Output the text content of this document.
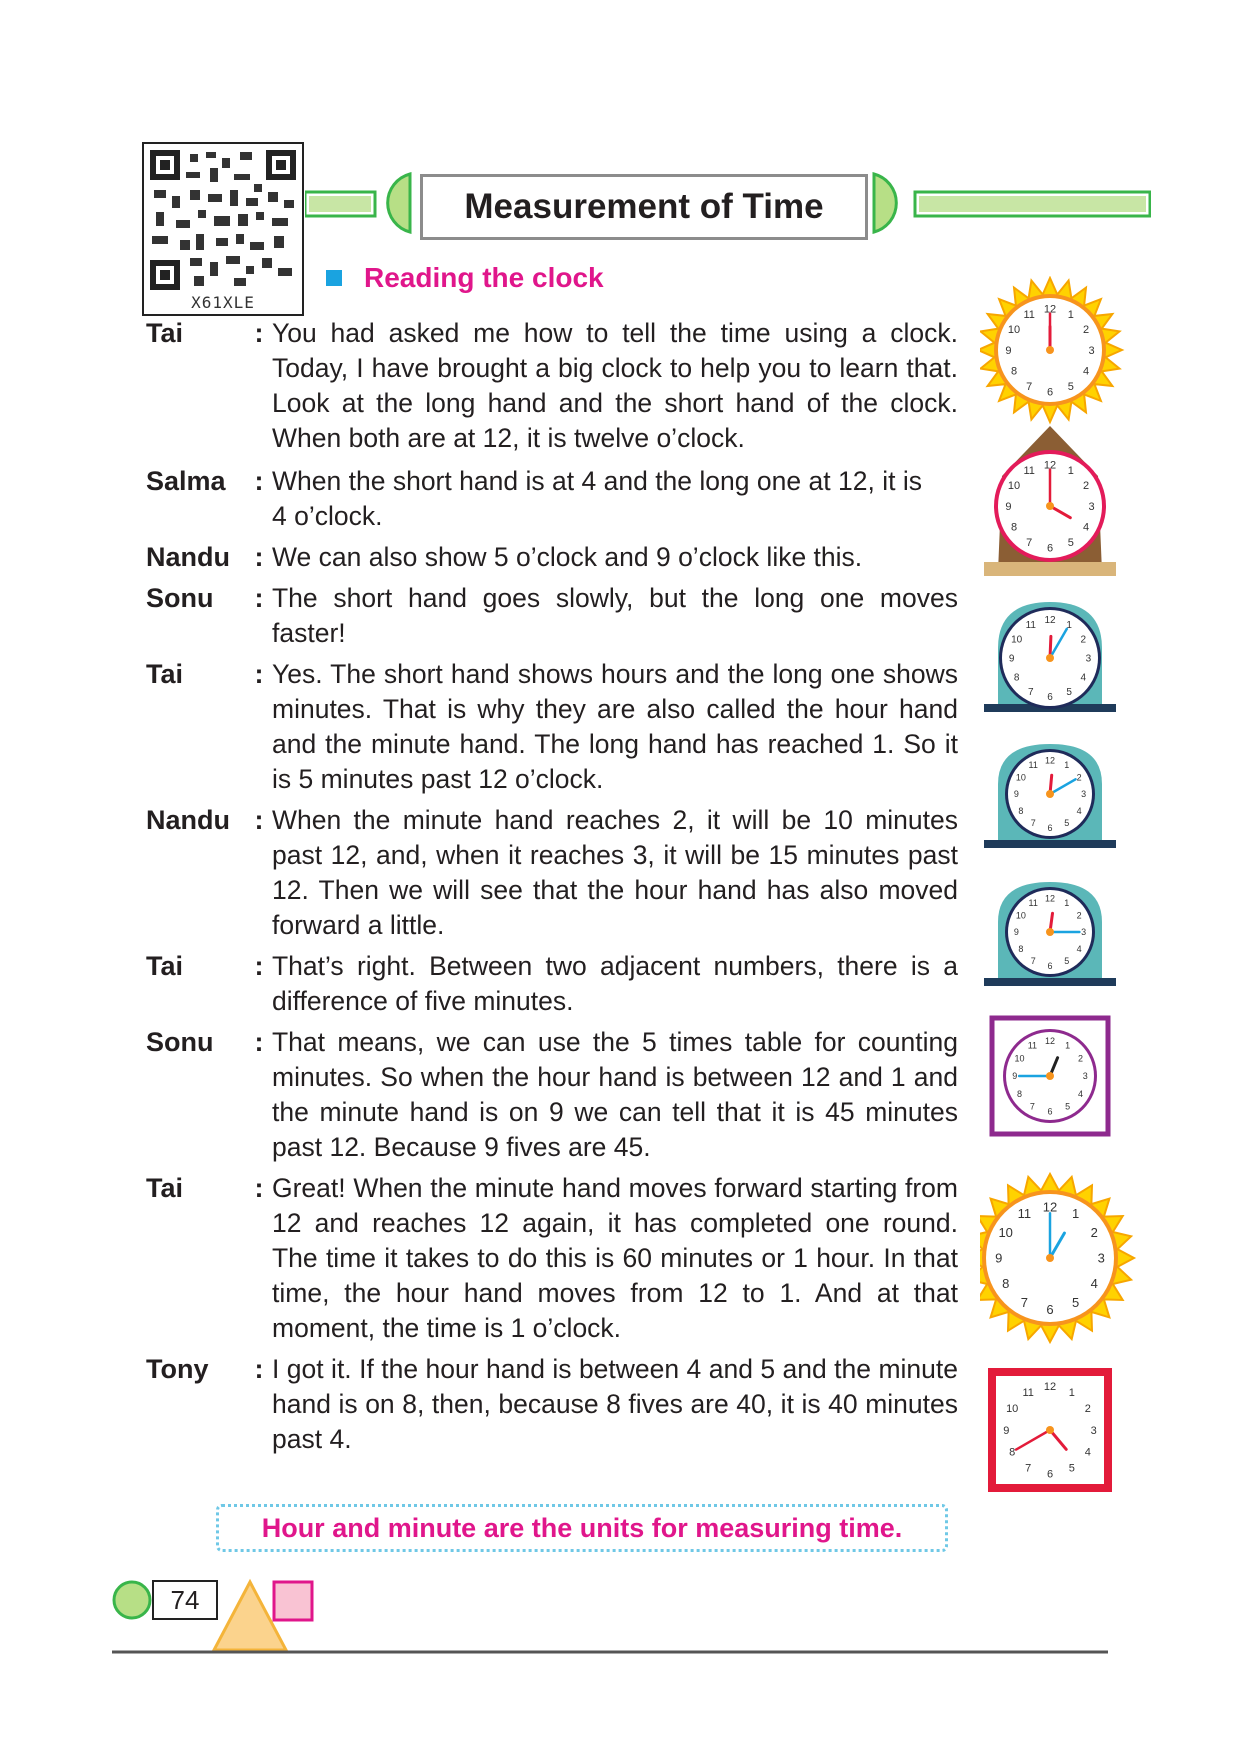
X61XLE
Measurement of Time
Reading the clock
Tai	: You had asked me how to tell the time using a clock. Today, I have brought a big clock to help you to learn that. Look at the long hand and the short hand of the clock. When both are at 12, it is twelve o’clock.
Salma	: When the short hand is at 4 and the long one at 12, it is 4 o’clock.
Nandu : We can also show 5 o’clock and 9 o’clock like this.
Sonu	: The short hand goes slowly, but the long one moves faster!
Tai	: Yes. The short hand shows hours and the long one shows minutes. That is why they are also called the hour hand and the minute hand. The long hand has reached 1. So it is 5 minutes past 12 o’clock.
Nandu : When the minute hand reaches 2, it will be 10 minutes past 12, and, when it reaches 3, it will be 15 minutes past 12. Then we will see that the hour hand has also moved forward a little.
Tai	: That’s right. Between two adjacent numbers, there is a difference of five minutes.
Sonu	: That means, we can use the 5 times table for counting minutes. So when the hour hand is between 12 and 1 and the minute hand is on 9 we can tell that it is 45 minutes past 12. Because 9 fives are 45.
Tai	: Great! When the minute hand moves forward starting from 12 and reaches 12 again, it has completed one round. The time it takes to do this is 60 minutes or 1 hour. In that time, the hour hand moves from 12 to 1. And at that moment, the time is 1 o’clock.
Tony	: I got it. If the hour hand is between 4 and 5 and the minute hand is on 8, then, because 8 fives are 40, it is 40 minutes past 4.
12 1
2
3
4
5
6
7
8
9
10
11
12 1
2
3
4
5
6
7
8
9
10
11
12 1
2
3
4
5
6
7
8
9
10
11
12 1
2
3
4
5
6
7
8
9
10
11
12 1
2
3
4
5
6
7
8
9
10
11
12 1
2
3
4
5
6
7
8
9
10
11
12 1
2
3
4
5
6
7
8
9
10
11
12 1
2
3
4
5
6
7
8
9
10
11
Hour and minute are the units for measuring time.
74
